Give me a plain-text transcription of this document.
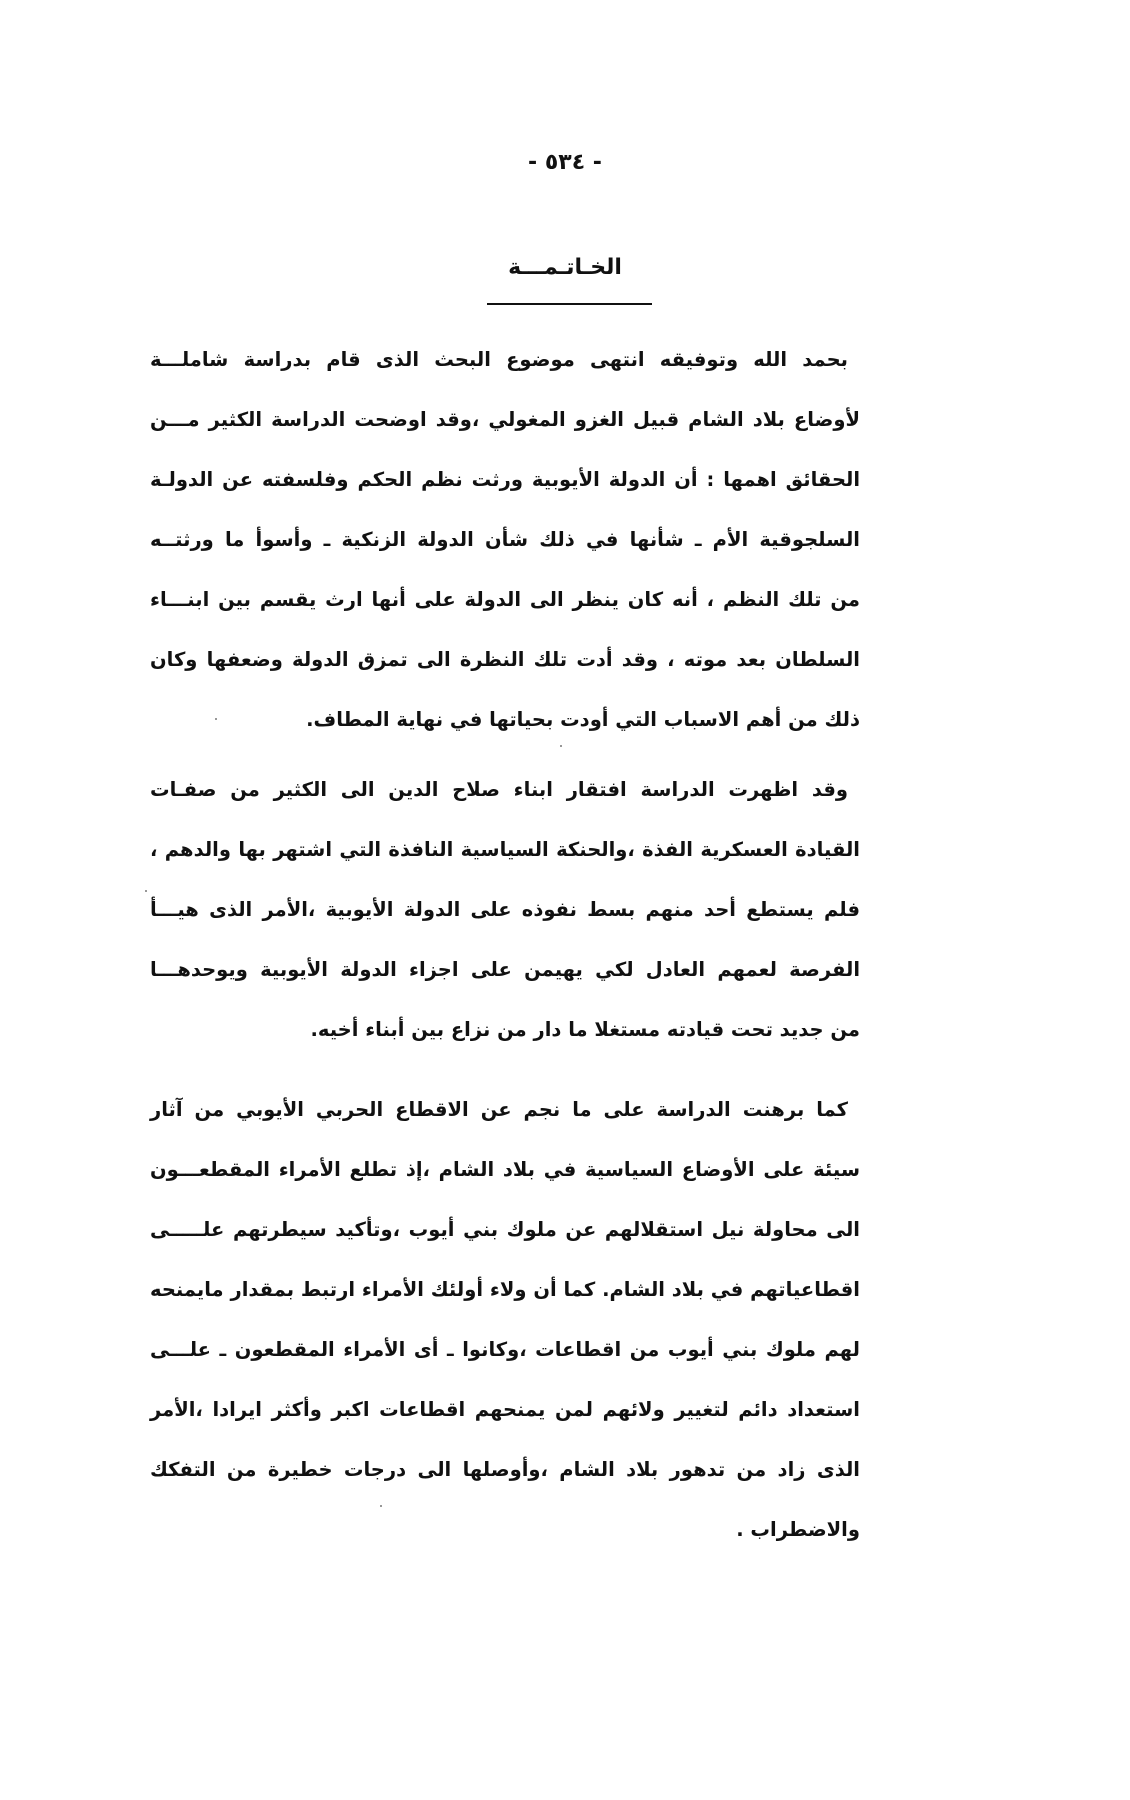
- ٥٣٤ -
الخـاتـمـــة
بحمد الله وتوفيقه انتهى موضوع البحث الذى قام بدراسة شاملـــة
لأوضاع بلاد الشام قبيل الغزو المغولي ،وقد اوضحت الدراسة الكثير مـــن
الحقائق اهمها : أن الدولة الأيوبية ورثت نظم الحكم وفلسفته عن الدولـة
السلجوقية الأم ـ شأنها في ذلك شأن الدولة الزنكية ـ وأسوأ ما ورثتــه
من تلك النظم ، أنه كان ينظر الى الدولة على أنها ارث يقسم بين ابنـــاء
السلطان بعد موته ، وقد أدت تلك النظرة الى تمزق الدولة وضعفها وكان
ذلك من أهم الاسباب التي أودت بحياتها في نهاية المطاف.
وقد اظهرت الدراسة افتقار ابناء صلاح الدين الى الكثير من صفـات
القيادة العسكرية الفذة ،والحنكة السياسية النافذة التي اشتهر بها والدهم ،
فلم يستطع أحد منهم بسط نفوذه على الدولة الأيوبية ،الأمر الذى هيـــأ
الفرصة لعمهم العادل لكي يهيمن على اجزاء الدولة الأيوبية ويوحدهـــا
من جديد تحت قيادته مستغلا ما دار من نزاع بين أبناء أخيه.
كما برهنت الدراسة على ما نجم عن الاقطاع الحربي الأيوبي من آثار
سيئة على الأوضاع السياسية في بلاد الشام ،إذ تطلع الأمراء المقطعـــون
الى محاولة نيل استقلالهم عن ملوك بني أيوب ،وتأكيد سيطرتهم علـــــى
اقطاعياتهم في بلاد الشام. كما أن ولاء أولئك الأمراء ارتبط بمقدار مايمنحه
لهم ملوك بني أيوب من اقطاعات ،وكانوا ـ أى الأمراء المقطعون ـ علـــى
استعداد دائم لتغيير ولائهم لمن يمنحهم اقطاعات اكبر وأكثر ايرادا ،الأمر
الذى زاد من تدهور بلاد الشام ،وأوصلها الى درجات خطيرة من التفكك
والاضطراب .
